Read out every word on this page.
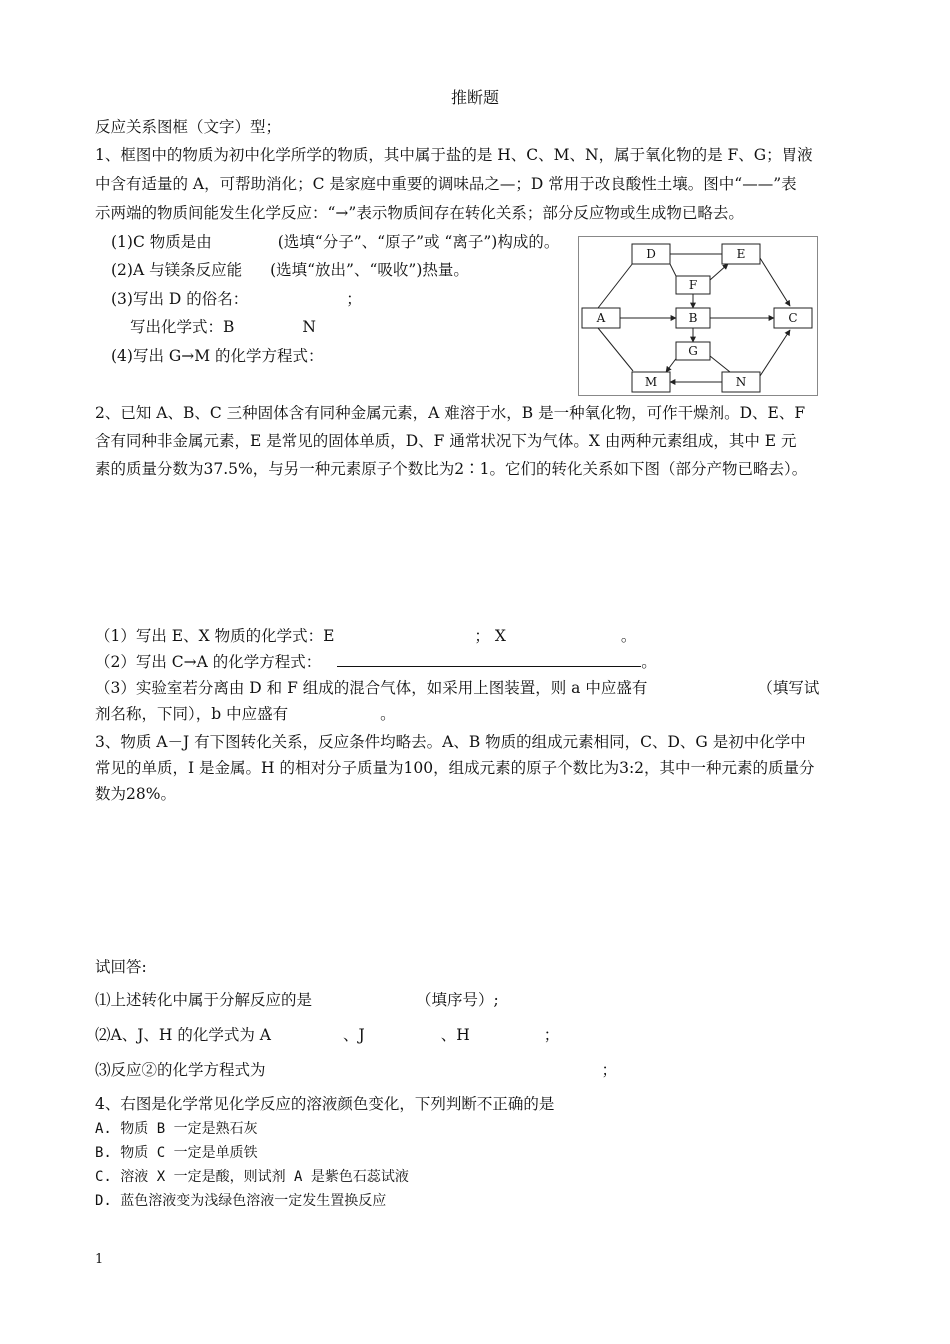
推断题
反应关系图框（文字）型；
1、框图中的物质为初中化学所学的物质，其中属于盐的是 H、C、M、N，属于氧化物的是 F、G；胃液
中含有适量的 A，可帮助消化；C 是家庭中重要的调味品之—；D 常用于改良酸性土壤。图中“——”表
示两端的物质间能发生化学反应：“→”表示物质间存在转化关系；部分反应物或生成物已略去。
(1)C 物质是由	(选填“分子”、“原子”或 “离子”)构成的。
(2)A 与镁条反应能 (选填“放出”、“吸收”)热量。
(3)写出 D 的俗名：	；
写出化学式：B	N
(4)写出 G→M 的化学方程式：
D	E
F
A	B	C
G
M	N
2、已知 A、B、C 三种固体含有同种金属元素，A 难溶于水，B 是一种氧化物，可作干燥剂。D、E、F
含有同种非金属元素，E 是常见的固体单质，D、F 通常状况下为气体。X 由两种元素组成，其中 E 元
素的质量分数为37.5%，与另一种元素原子个数比为2∶1。它们的转化关系如下图（部分产物已略去）。
（1）写出 E、X 物质的化学式：E	； X	。
（2）写出 C→A 的化学方程式：	。
（3）实验室若分离由 D 和 F 组成的混合气体，如采用上图装置，则 a 中应盛有	（填写试
剂名称，下同），b 中应盛有	。
3、物质 A－J 有下图转化关系，反应条件均略去。A、B 物质的组成元素相同，C、D、G 是初中化学中
常见的单质，I 是金属。H 的相对分子质量为100，组成元素的原子个数比为3:2，其中一种元素的质量分
数为28%。
试回答:
⑴上述转化中属于分解反应的是	（填序号）;
⑵A、J、H 的化学式为 A	、J	、H	；
⑶反应②的化学方程式为	；
4、右图是化学常见化学反应的溶液颜色变化，下列判断不正确的是
A. 物质 B 一定是熟石灰
B. 物质 C 一定是单质铁
C. 溶液 X 一定是酸，则试剂 A 是紫色石蕊试液
D. 蓝色溶液变为浅绿色溶液一定发生置换反应
1
